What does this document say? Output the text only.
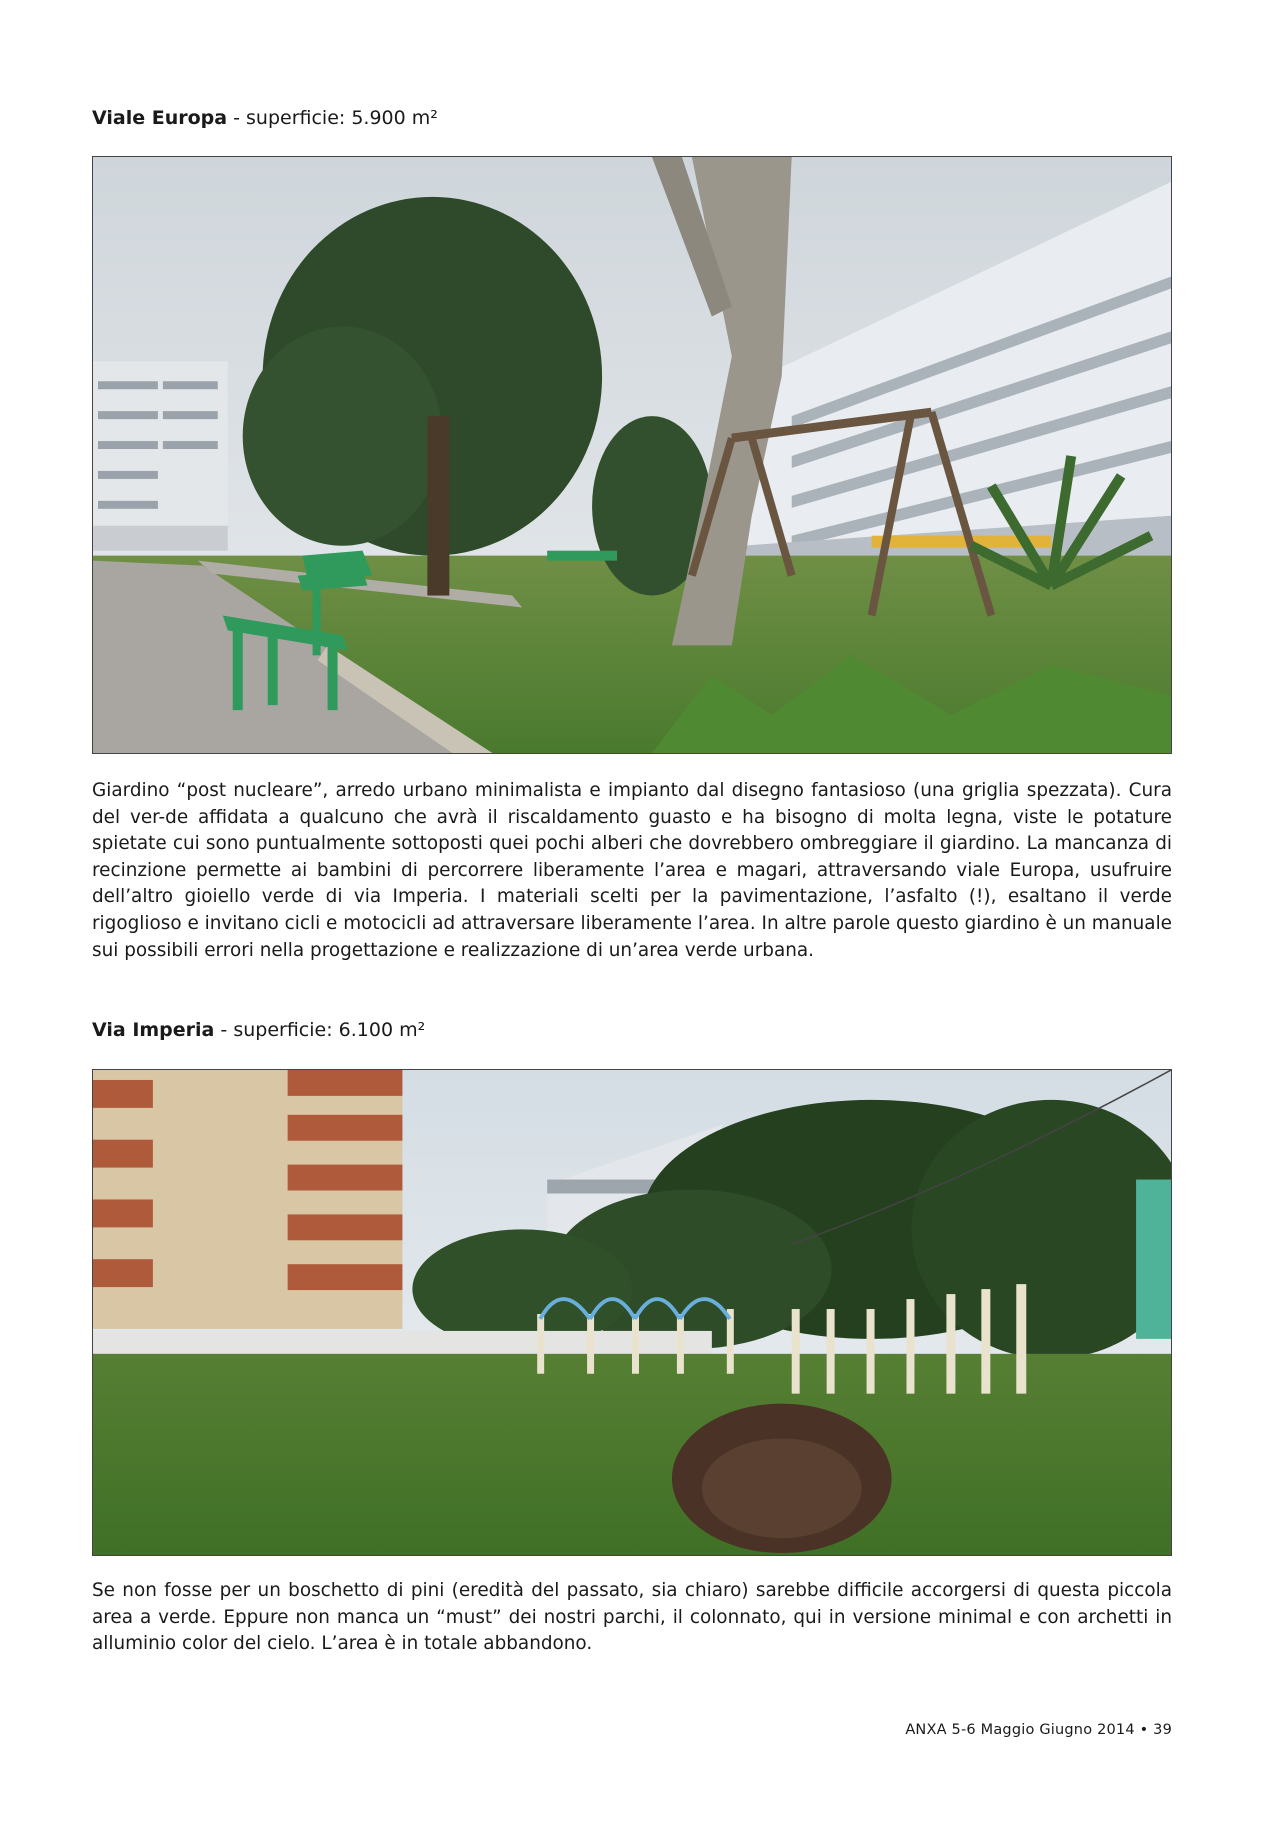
Viale Europa - superficie: 5.900 m²
Giardino “post nucleare”, arredo urbano minimalista e impianto dal disegno fantasioso (una griglia spezzata). Cura del ver-de affidata a qualcuno che avrà il riscaldamento guasto e ha bisogno di molta legna, viste le potature spietate cui sono puntualmente sottoposti quei pochi alberi che dovrebbero ombreggiare il giardino. La mancanza di recinzione permette ai bambini di percorrere liberamente l’area e magari, attraversando viale Europa, usufruire dell’altro gioiello verde di via Imperia. I materiali scelti per la pavimentazione, l’asfalto (!), esaltano il verde rigoglioso e invitano cicli e motocicli ad attraversare liberamente l’area. In altre parole questo giardino è un manuale sui possibili errori nella progettazione e realizzazione di un’area verde urbana.
Via Imperia - superficie: 6.100 m²
Se non fosse per un boschetto di pini (eredità del passato, sia chiaro) sarebbe difficile accorgersi di questa piccola area a verde. Eppure non manca un “must” dei nostri parchi, il colonnato, qui in versione minimal e con archetti in alluminio color del cielo. L’area è in totale abbandono.
ANXA 5-6 Maggio Giugno 2014 • 39
